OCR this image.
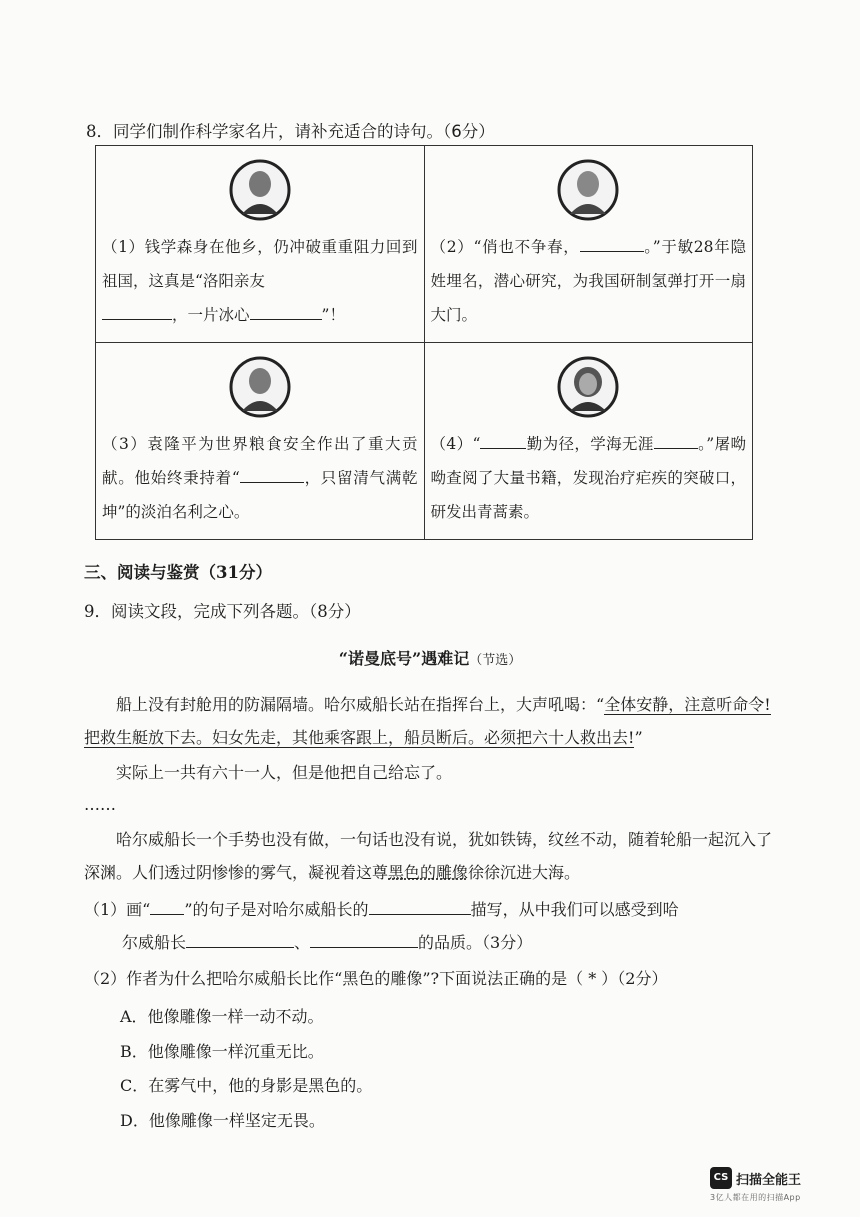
8．同学们制作科学家名片，请补充适合的诗句。（6分）
（1）钱学森身在他乡，仍冲破重重阻力回到祖国，这真是“洛阳亲友
，一片冰心 ”！	（2）“俏也不争春， 。”于敏28年隐姓埋名，潜心研究，为我国研制氢弹打开一扇大门。

（3）袁隆平为世界粮食安全作出了重大贡献。他始终秉持着“ ，只留清气满乾坤”的淡泊名利之心。	（4）“ 勤为径，学海无涯 。”屠呦呦查阅了大量书籍，发现治疗疟疾的突破口，研发出青蒿素。
三、阅读与鉴赏（31分）
9．阅读文段，完成下列各题。（8分）
“诺曼底号”遇难记（节选）
船上没有封舱用的防漏隔墙。哈尔威船长站在指挥台上，大声吼喝：“全体安静，注意听命令!把救生艇放下去。妇女先走，其他乘客跟上，船员断后。必须把六十人救出去!”
实际上一共有六十一人，但是他把自己给忘了。
……
哈尔威船长一个手势也没有做，一句话也没有说，犹如铁铸，纹丝不动，随着轮船一起沉入了深渊。人们透过阴惨惨的雾气，凝视着这尊黑色的雕像徐徐沉进大海。
（1）画“ ”的句子是对哈尔威船长的	描写，从中我们可以感受到哈
尔威船长	、	的品质。（3分）
（2）作者为什么把哈尔威船长比作“黑色的雕像”?下面说法正确的是（ * ）（2分）
A．他像雕像一样一动不动。
B．他像雕像一样沉重无比。
C．在雾气中，他的身影是黑色的。
D．他像雕像一样坚定无畏。
CS 扫描全能王
3亿人都在用的扫描App
